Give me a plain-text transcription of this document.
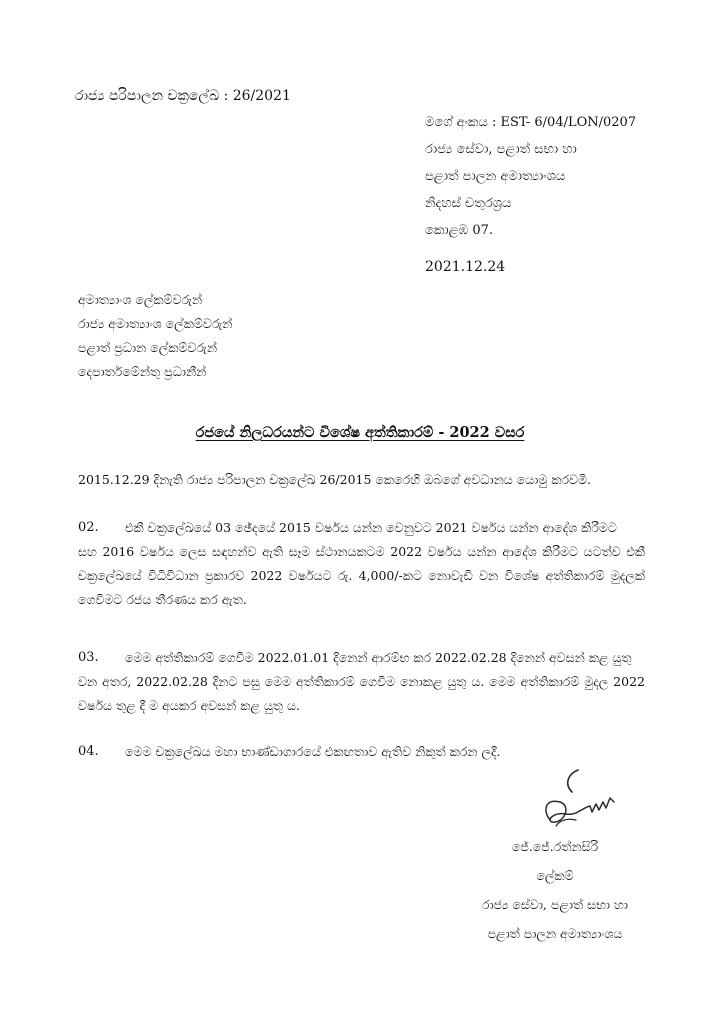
රාජ්‍ය පරිපාලන චක්‍රලේඛ : 26/2021
මගේ අංකය : EST- 6/04/LON/0207
රාජ්‍ය සේවා, පළාත් සභා හා
පළාත් පාලන අමාත්‍යාංශය
නිදහස් චතුරශ්‍රය
කොළඹ 07.
2021.12.24
අමාත්‍යාංශ ලේකම්වරුන්
රාජ්‍ය අමාත්‍යාංශ ලේකම්වරුන්
පළාත් ප්‍රධාන ලේකම්වරුන්
දෙපාර්තමේන්තු ප්‍රධානීන්
රජයේ නිලධරයන්ට විශේෂ අත්තිකාරම් - 2022 වසර
2015.12.29 දිනැති රාජ්‍ය පරිපාලන චක්‍රලේඛ 26/2015 කෙරෙහි ඔබගේ අවධානය යොමු කරවමි.
02. එකී චක්‍රලේඛයේ 03 ඡේදයේ 2015 වර්ෂය යන්න වෙනුවට 2021 වර්ෂය යන්න ආදේශ කිරීමට
සහ 2016 වර්ෂය ලෙස සඳහන්ව ඇති සෑම ස්ථානයකටම 2022 වර්ෂය යන්න ආදේශ කිරීමට යටත්ව එකී චක්‍රලේඛයේ විධිවිධාන ප්‍රකාරව 2022 වර්ෂයට රු. 4,000/-කට නොවැඩි වන විශේෂ අත්තිකාරම් මුදලක් ගෙවීමට රජය තීරණය කර ඇත.
03. මෙම අත්තිකාරම් ගෙවීම 2022.01.01 දිනෙන් ආරම්භ කර 2022.02.28 දිනෙන් අවසන් කළ යුතු
වන අතර, 2022.02.28 දිනට පසු මෙම අත්තිකාරම් ගෙවීම නොකළ යුතු ය. මෙම අත්තිකාරම් මුදල 2022 වර්ෂය තුළ දී ම අයකර අවසන් කළ යුතු ය.
04. මෙම චක්‍රලේඛය මහා භාණ්ඩාගාරයේ එකඟතාව ඇතිව නිකුත් කරන ලදී.
ජේ.ජේ.රත්නසිරි
ලේකම්
රාජ්‍ය සේවා, පළාත් සභා හා
පළාත් පාලන අමාත්‍යාංශය
